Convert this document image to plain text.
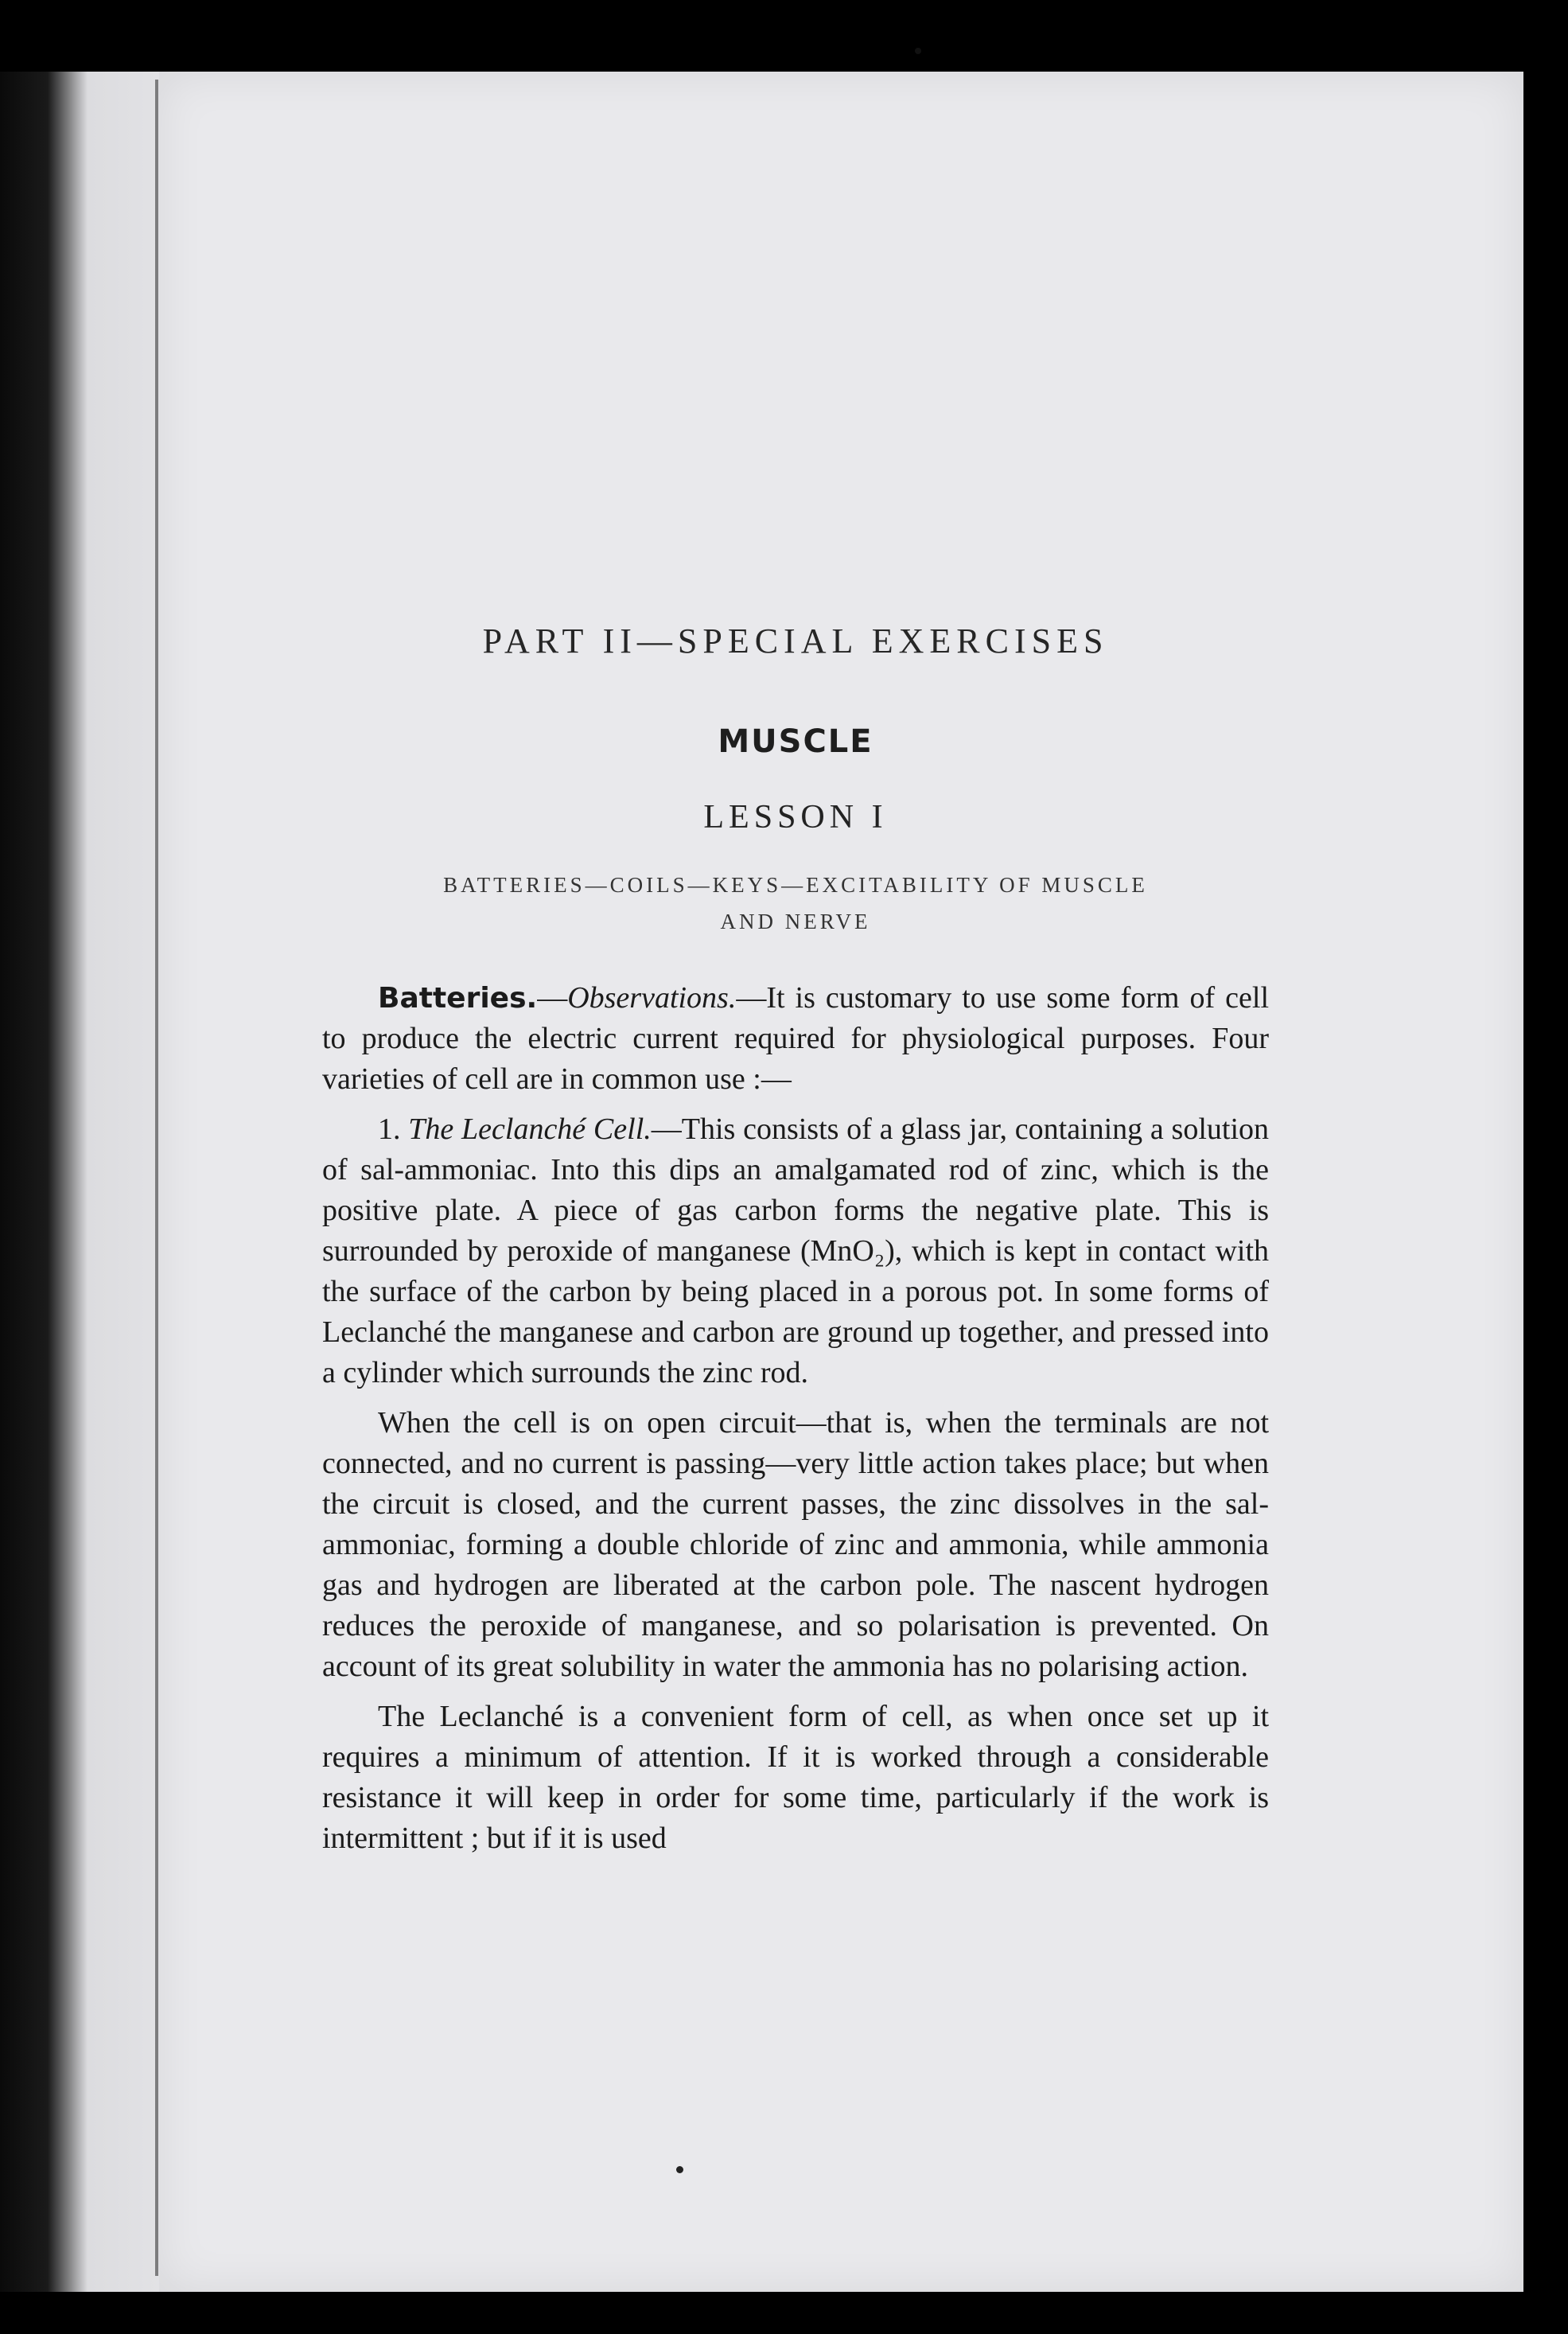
PART II—SPECIAL EXERCISES
MUSCLE
LESSON I
BATTERIES—COILS—KEYS—EXCITABILITY OF MUSCLE
AND NERVE

Batteries.—Observations.—It is customary to use some form of cell to produce the electric current required for physiological purposes. Four varieties of cell are in common use :—

1. The Leclanché Cell.—This consists of a glass jar, containing a solution of sal-ammoniac. Into this dips an amalgamated rod of zinc, which is the positive plate. A piece of gas carbon forms the negative plate. This is surrounded by peroxide of manganese (MnO₂), which is kept in contact with the surface of the carbon by being placed in a porous pot. In some forms of Leclanché the manganese and carbon are ground up together, and pressed into a cylinder which surrounds the zinc rod.

When the cell is on open circuit—that is, when the terminals are not connected, and no current is passing—very little action takes place; but when the circuit is closed, and the current passes, the zinc dissolves in the sal-ammoniac, forming a double chloride of zinc and ammonia, while ammonia gas and hydrogen are liberated at the carbon pole. The nascent hydrogen reduces the peroxide of manganese, and so polarisation is prevented. On account of its great solubility in water the ammonia has no polarising action.

The Leclanché is a convenient form of cell, as when once set up it requires a minimum of attention. If it is worked through a considerable resistance it will keep in order for some time, particularly if the work is intermittent ; but if it is used
